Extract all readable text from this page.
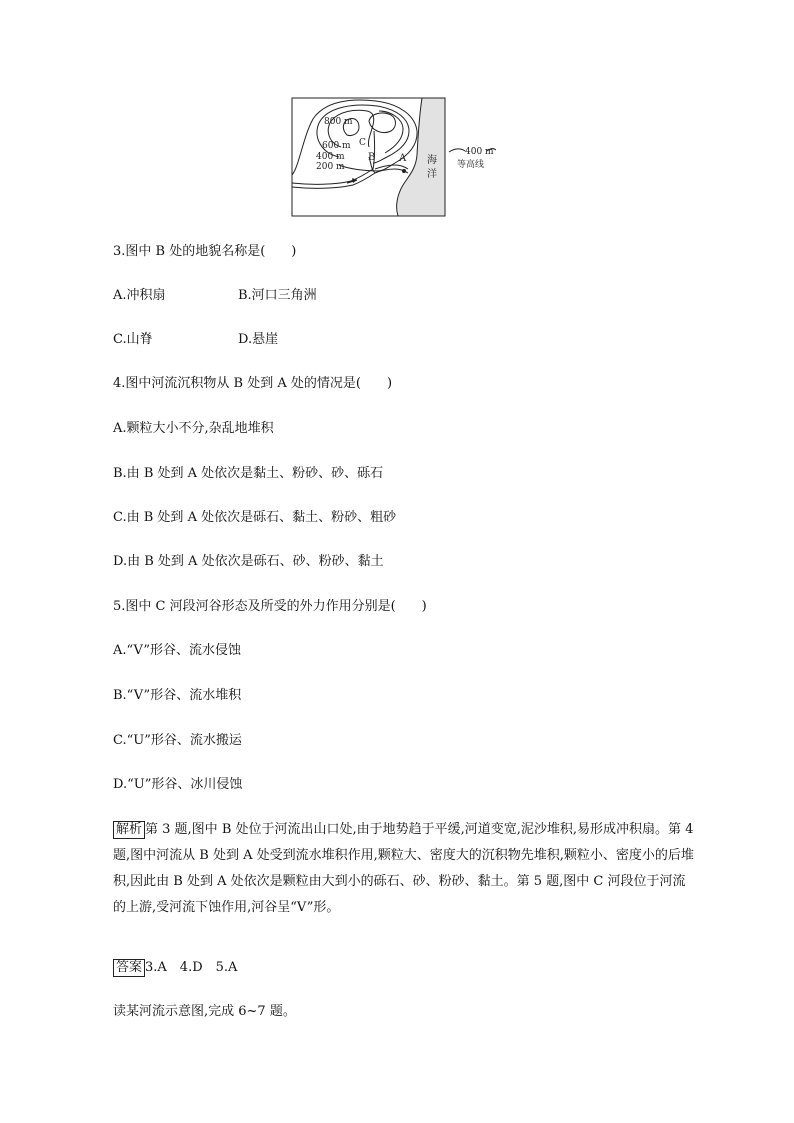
800 m
600 m
400 m
200 m
C
B A 海
洋
400 m
等高线
3.图中 B 处的地貌名称是(　　)
A.冲积扇	B.河口三角洲
C.山脊	D.悬崖
4.图中河流沉积物从 B 处到 A 处的情况是(　　)
A.颗粒大小不分,杂乱地堆积
B.由 B 处到 A 处依次是黏土、粉砂、砂、砾石
C.由 B 处到 A 处依次是砾石、黏土、粉砂、粗砂
D.由 B 处到 A 处依次是砾石、砂、粉砂、黏土
5.图中 C 河段河谷形态及所受的外力作用分别是(　　)
A.“V”形谷、流水侵蚀
B.“V”形谷、流水堆积
C.“U”形谷、流水搬运
D.“U”形谷、冰川侵蚀
解析 第 3 题,图中 B 处位于河流出山口处,由于地势趋于平缓,河道变宽,泥沙堆积,易形成冲积扇。第 4 题,图中河流从 B 处到 A 处受到流水堆积作用,颗粒大、密度大的沉积物先堆积,颗粒小、密度小的后堆积,因此由 B 处到 A 处依次是颗粒由大到小的砾石、砂、粉砂、黏土。第 5 题,图中 C 河段位于河流的上游,受河流下蚀作用,河谷呈“V”形。
答案 3.A　4.D　5.A
读某河流示意图,完成 6~7 题。
